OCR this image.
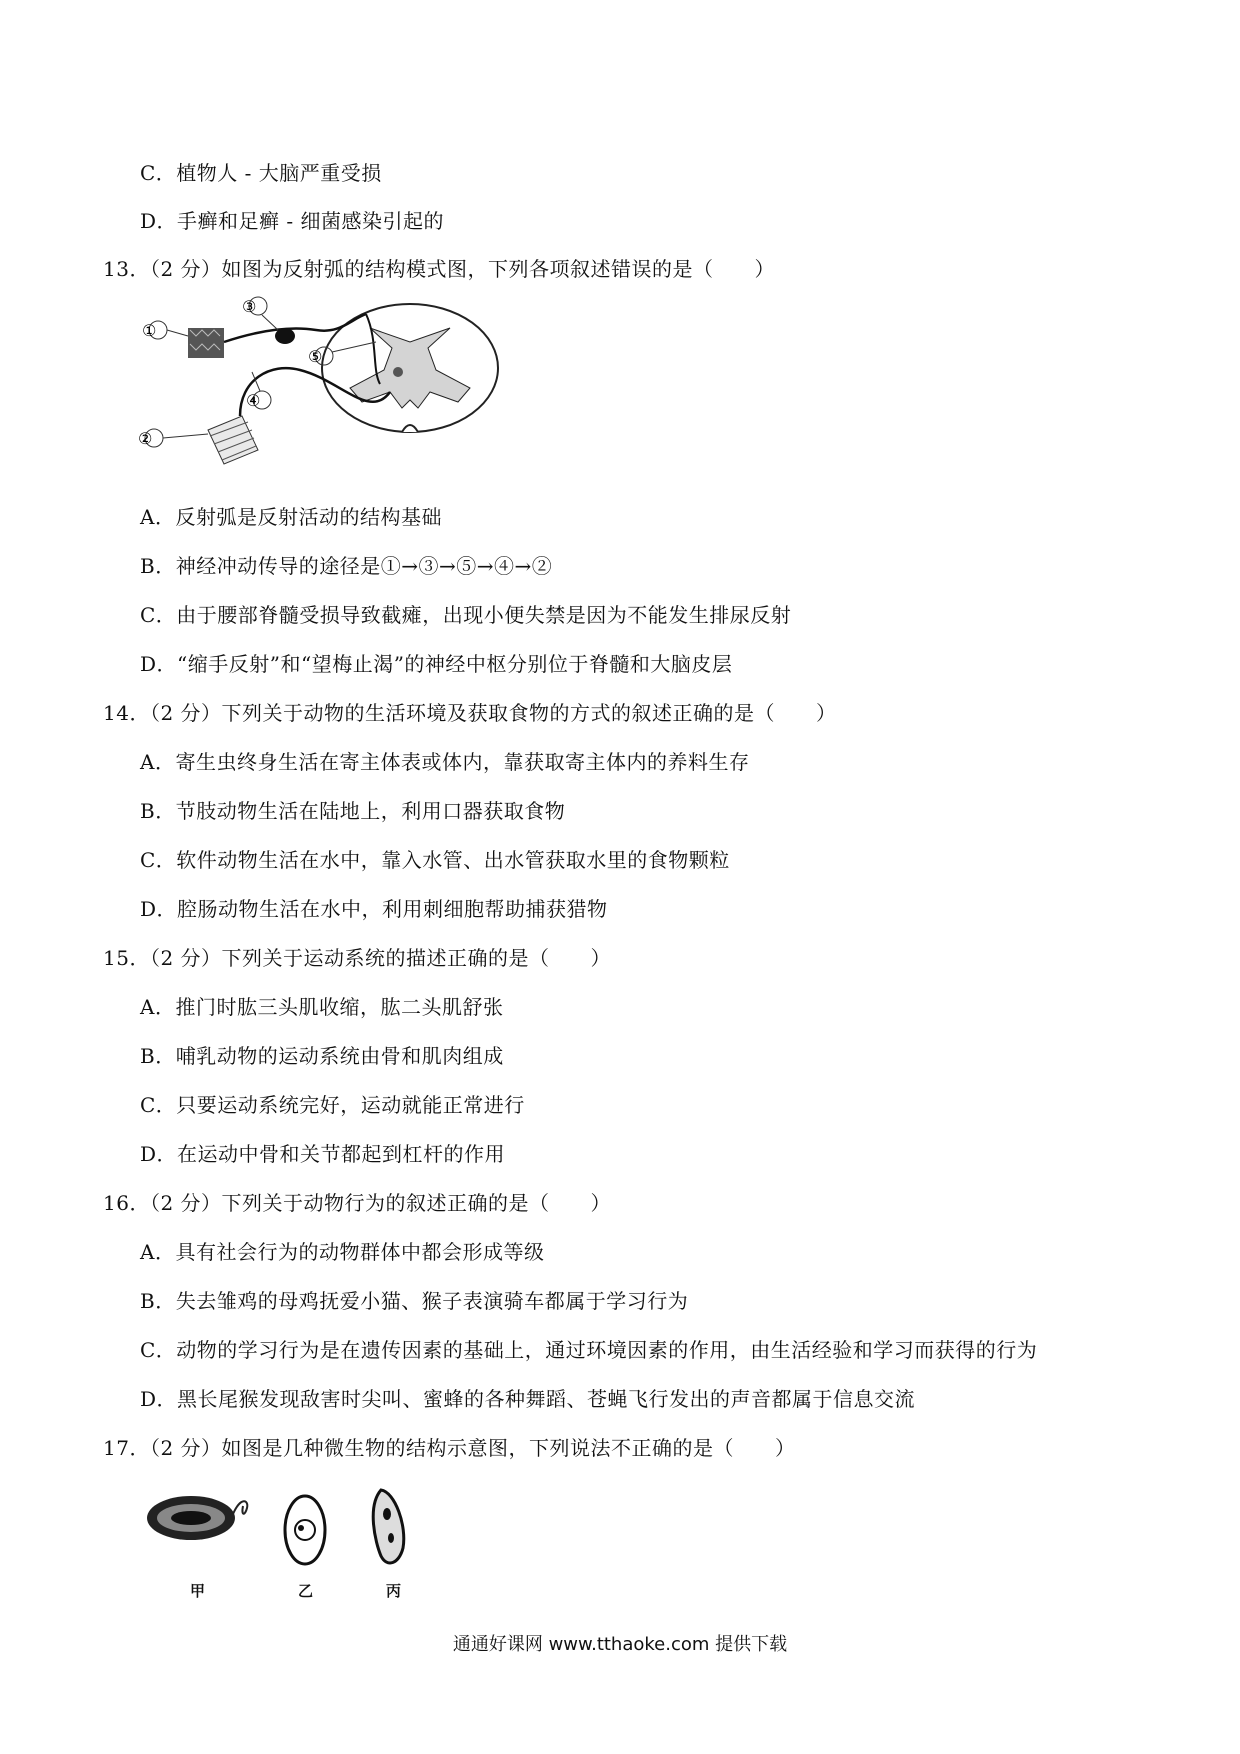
C．植物人 - 大脑严重受损
D．手癣和足癣 - 细菌感染引起的
13．（2 分）如图为反射弧的结构模式图，下列各项叙述错误的是（　　）
①
②
③
④
⑤
A．反射弧是反射活动的结构基础
B．神经冲动传导的途径是①→③→⑤→④→②
C．由于腰部脊髓受损导致截瘫，出现小便失禁是因为不能发生排尿反射
D．“缩手反射”和“望梅止渴”的神经中枢分别位于脊髓和大脑皮层
14．（2 分）下列关于动物的生活环境及获取食物的方式的叙述正确的是（　　）
A．寄生虫终身生活在寄主体表或体内，靠获取寄主体内的养料生存
B．节肢动物生活在陆地上，利用口器获取食物
C．软件动物生活在水中，靠入水管、出水管获取水里的食物颗粒
D．腔肠动物生活在水中，利用刺细胞帮助捕获猎物
15．（2 分）下列关于运动系统的描述正确的是（　　）
A．推门时肱三头肌收缩，肱二头肌舒张
B．哺乳动物的运动系统由骨和肌肉组成
C．只要运动系统完好，运动就能正常进行
D．在运动中骨和关节都起到杠杆的作用
16．（2 分）下列关于动物行为的叙述正确的是（　　）
A．具有社会行为的动物群体中都会形成等级
B．失去雏鸡的母鸡抚爱小猫、猴子表演骑车都属于学习行为
C．动物的学习行为是在遗传因素的基础上，通过环境因素的作用，由生活经验和学习而获得的行为
D．黑长尾猴发现敌害时尖叫、蜜蜂的各种舞蹈、苍蝇飞行发出的声音都属于信息交流
17．（2 分）如图是几种微生物的结构示意图，下列说法不正确的是（　　）
甲	乙	丙
通通好课网 www.tthaoke.com 提供下载
